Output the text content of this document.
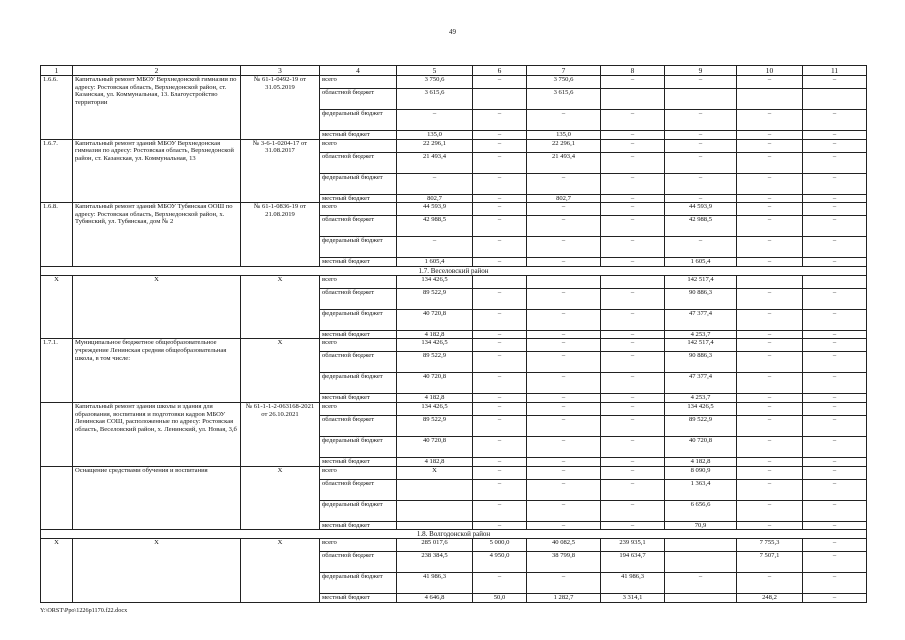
49
1	2	3	4	5	6	7	8	9	10	11
1.6.6.	Капитальный ремонт МБОУ Верхнедонской гимназии по адресу: Ростовская область, Верхнедонской район, ст. Казанская, ул. Коммунальная, 13. Благоустройство территории	№ 61-1-0492-19 от 31.05.2019	всего	3 750,6	–	3 750,6	–	–	–	–
			областной бюджет	3 615,6		3 615,6				
			федеральный бюджет	–	–	–	–	–	–	–
			местный бюджет	135,0	–	135,0	–	–	–	–
1.6.7.	Капитальный ремонт зданий МБОУ Верхнедонская гимназия по адресу: Ростовская область, Верхнедонской район, ст. Казанская, ул. Коммунальная, 13	№ 3-6-1-0204-17 от 31.08.2017	всего	22 296,1	–	22 296,1	–	–	–	–
			областной бюджет	21 493,4	–	21 493,4	–	–	–	–
			федеральный бюджет	–	–	–	–	–	–	–
			местный бюджет	802,7	–	802,7	–	–	–	–
1.6.8.	Капитальный ремонт зданий МБОУ Тубянская ООШ по адресу: Ростовская область, Верхнедонской район, х. Тубянский, ул. Тубянская, дом № 2	№ 61-1-0836-19 от 21.08.2019	всего	44 593,9	–	–	–	44 593,9	–	–
			областной бюджет	42 988,5	–	–	–	42 988,5	–	–
			федеральный бюджет	–	–	–	–	–	–	–
			местный бюджет	1 605,4	–	–	–	1 605,4	–	–
1.7. Веселовский район										
X	X	X	всего	134 426,5				142 517,4		
			областной бюджет	89 522,9	–	–	–	90 886,3	–	–
			федеральный бюджет	40 720,8	–	–	–	47 377,4	–	–
			местный бюджет	4 182,8	–	–	–	4 253,7	–	–
1.7.1.	Муниципальное бюджетное общеобразовательное учреждение Ленинская средняя общеобразовательная школа, в том числе:	X	всего	134 426,5	–	–	–	142 517,4	–	–
			областной бюджет	89 522,9	–	–	–	90 886,3	–	–
			федеральный бюджет	40 720,8	–	–	–	47 377,4	–	–
			местный бюджет	4 182,8	–	–	–	4 253,7	–	–
	Капитальный ремонт здания школы и здания для образования, воспитания и подготовки кадров МБОУ Ленинская СОШ, расположенные по адресу: Ростовская область, Веселовский район, х. Ленинский, ул. Новая, 3,б	№ 61-1-1-2-063168-2021 от 26.10.2021	всего	134 426,5	–	–	–	134 426,5	–	–
			областной бюджет	89 522,9	–	–	–	89 522,9	–	–
			федеральный бюджет	40 720,8	–	–	–	40 720,8	–	–
			местный бюджет	4 182,8	–	–	–	4 182,8	–	–
	Оснащение средствами обучения и воспитания	X	всего	X	–	–	–	8 090,9	–	–
			областной бюджет		–	–	–	1 363,4	–	–
			федеральный бюджет		–	–	–	6 656,6	–	–
			местный бюджет		–	–	–	70,9	–	–
1.8. Волгодонской район										
X	X	X	всего	285 017,6	5 000,0	40 082,5	239 935,1		7 755,3	–
			областной бюджет	238 384,5	4 950,0	38 799,8	194 634,7		7 507,1	–
			федеральный бюджет	41 986,3	–	–	41 986,3	–	–	–
			местный бюджет	4 646,8	50,0	1 282,7	3 314,1		248,2	–
Y:\ORST\Ppo\1226p1170.f22.docx
